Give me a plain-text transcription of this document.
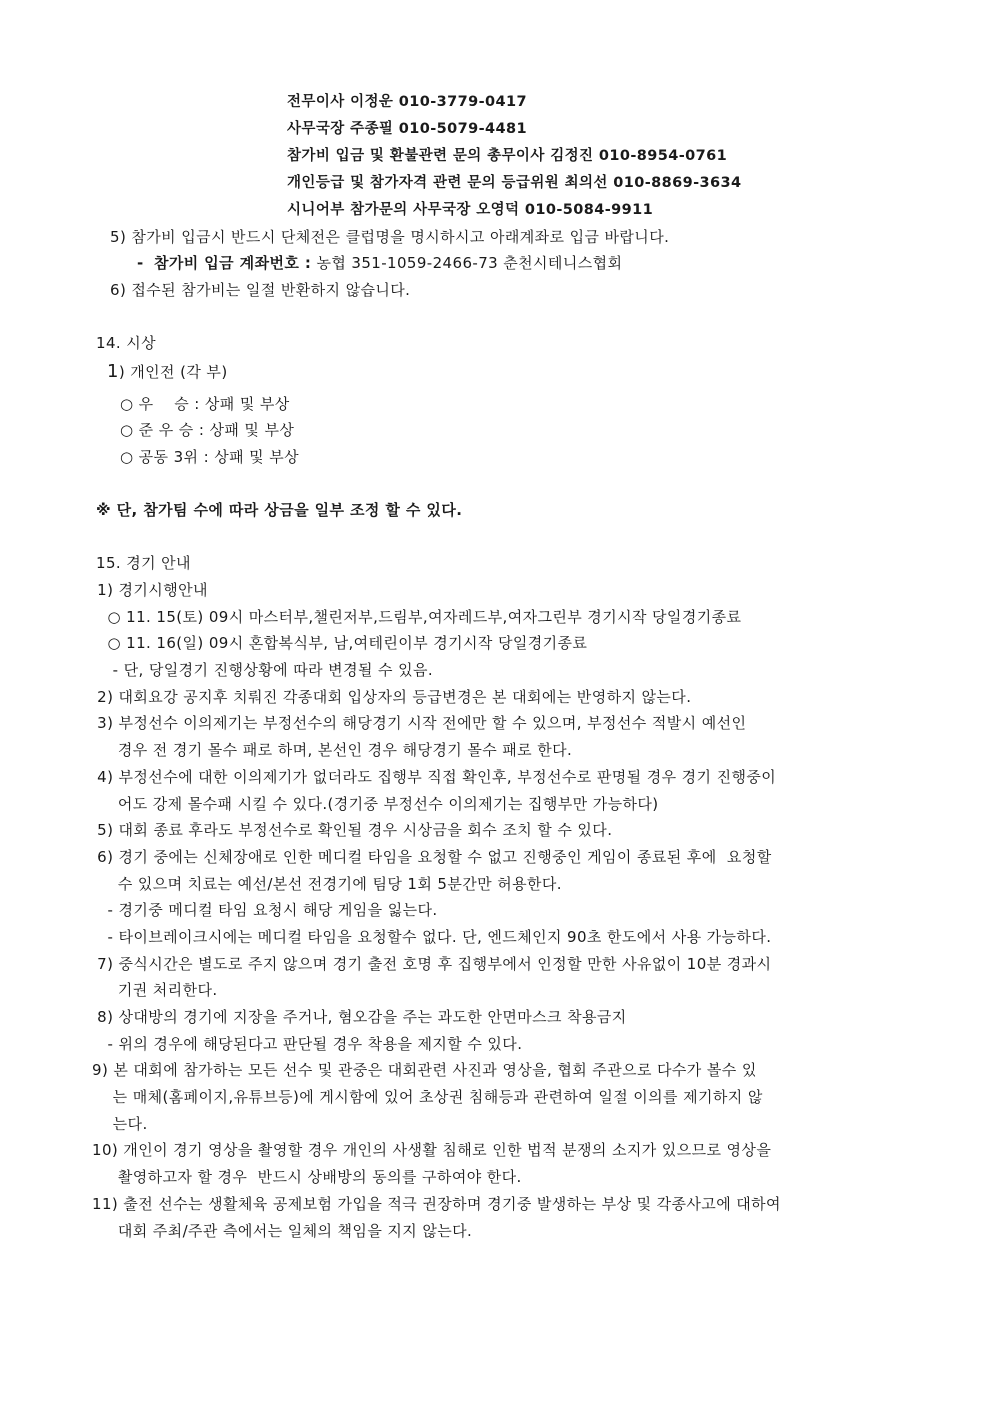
전무이사 이정운 010-3779-0417
사무국장 주종필 010-5079-4481
참가비 입금 및 환불관련 문의 총무이사 김정진 010-8954-0761
개인등급 및 참가자격 관련 문의 등급위원 최의선 010-8869-3634
시니어부 참가문의 사무국장 오영덕 010-5084-9911
5) 참가비 입금시 반드시 단체전은 클럽명을 명시하시고 아래계좌로 입금 바랍니다.
- 참가비 입금 계좌번호 : 농협 351-1059-2466-73 춘천시테니스협회
6) 접수된 참가비는 일절 반환하지 않습니다.
14. 시상
1) 개인전 (각 부)
○ 우    승 : 상패 및 부상
○ 준 우 승 : 상패 및 부상
○ 공동 3위 : 상패 및 부상
※ 단, 참가팀 수에 따라 상금을 일부 조정 할 수 있다.
15. 경기 안내
1) 경기시행안내
○ 11. 15(토) 09시 마스터부,챌린저부,드림부,여자레드부,여자그린부 경기시작 당일경기종료
○ 11. 16(일) 09시 혼합복식부, 남,여테린이부 경기시작 당일경기종료
- 단, 당일경기 진행상황에 따라 변경될 수 있음.
2) 대회요강 공지후 치뤄진 각종대회 입상자의 등급변경은 본 대회에는 반영하지 않는다.
3) 부정선수 이의제기는 부정선수의 해당경기 시작 전에만 할 수 있으며, 부정선수 적발시 예선인
경우 전 경기 몰수 패로 하며, 본선인 경우 해당경기 몰수 패로 한다.
4) 부정선수에 대한 이의제기가 없더라도 집행부 직접 확인후, 부정선수로 판명될 경우 경기 진행중이
어도 강제 몰수패 시킬 수 있다.(경기중 부정선수 이의제기는 집행부만 가능하다)
5) 대회 종료 후라도 부정선수로 확인될 경우 시상금을 회수 조치 할 수 있다.
6) 경기 중에는 신체장애로 인한 메디컬 타임을 요청할 수 없고 진행중인 게임이 종료된 후에  요청할
수 있으며 치료는 예선/본선 전경기에 팀당 1회 5분간만 허용한다.
- 경기중 메디컬 타임 요청시 해당 게임을 잃는다.
- 타이브레이크시에는 메디컬 타임을 요청할수 없다. 단, 엔드체인지 90초 한도에서 사용 가능하다.
7) 중식시간은 별도로 주지 않으며 경기 출전 호명 후 집행부에서 인정할 만한 사유없이 10분 경과시
기권 처리한다.
8) 상대방의 경기에 지장을 주거나, 혐오감을 주는 과도한 안면마스크 착용금지
- 위의 경우에 해당된다고 판단될 경우 착용을 제지할 수 있다.
9) 본 대회에 참가하는 모든 선수 및 관중은 대회관련 사진과 영상을, 협회 주관으로 다수가 볼수 있
는 매체(홈페이지,유튜브등)에 게시함에 있어 초상권 침해등과 관련하여 일절 이의를 제기하지 않
는다.
10) 개인이 경기 영상을 촬영할 경우 개인의 사생활 침해로 인한 법적 분쟁의 소지가 있으므로 영상을
촬영하고자 할 경우  반드시 상배방의 동의를 구하여야 한다.
11) 출전 선수는 생활체육 공제보험 가입을 적극 권장하며 경기중 발생하는 부상 및 각종사고에 대하여
대회 주최/주관 측에서는 일체의 책임을 지지 않는다.
